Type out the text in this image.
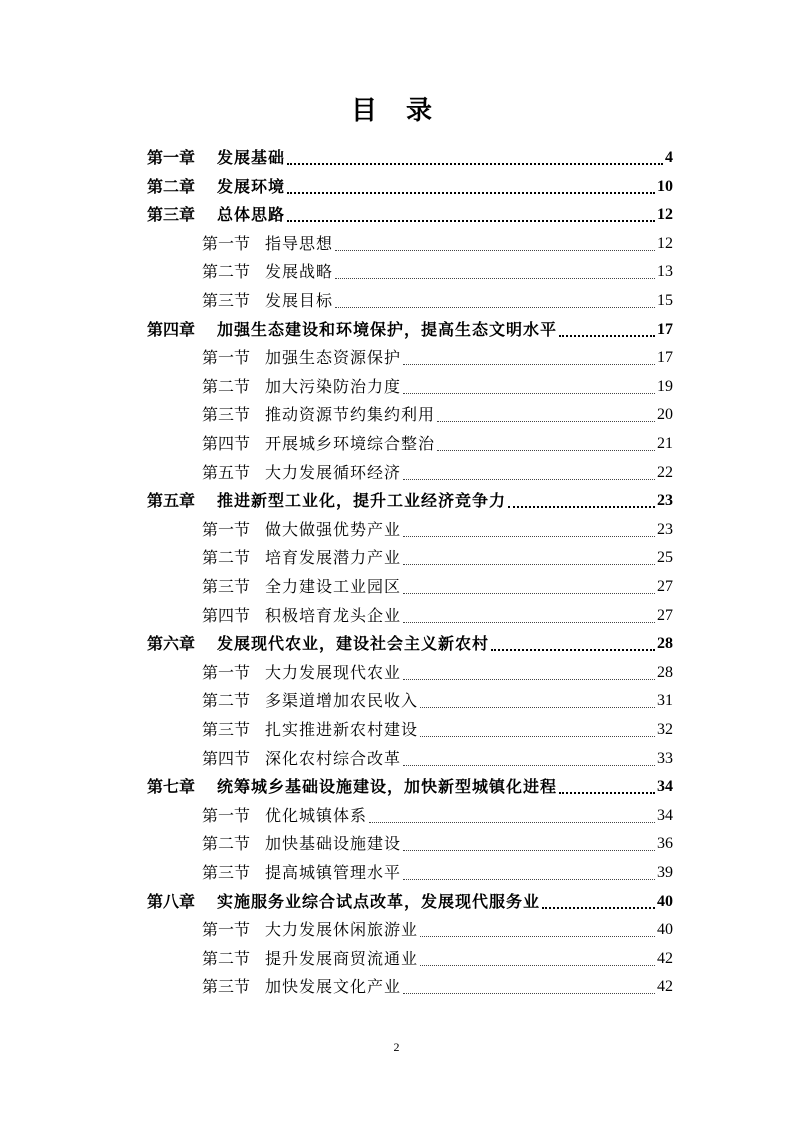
目 录
第一章	发展基础	4
第二章	发展环境	10
第三章	总体思路	12
第一节 指导思想	12
第二节 发展战略	13
第三节 发展目标	15
第四章	加强生态建设和环境保护，提高生态文明水平	17
第一节 加强生态资源保护	17
第二节 加大污染防治力度	19
第三节 推动资源节约集约利用	20
第四节 开展城乡环境综合整治	21
第五节 大力发展循环经济	22
第五章	推进新型工业化，提升工业经济竞争力	23
第一节 做大做强优势产业	23
第二节 培育发展潜力产业	25
第三节 全力建设工业园区	27
第四节 积极培育龙头企业	27
第六章	发展现代农业，建设社会主义新农村	28
第一节 大力发展现代农业	28
第二节 多渠道增加农民收入	31
第三节 扎实推进新农村建设	32
第四节 深化农村综合改革	33
第七章	统筹城乡基础设施建设，加快新型城镇化进程	34
第一节 优化城镇体系	34
第二节 加快基础设施建设	36
第三节 提高城镇管理水平	39
第八章	实施服务业综合试点改革，发展现代服务业	40
第一节 大力发展休闲旅游业	40
第二节 提升发展商贸流通业	42
第三节 加快发展文化产业	42
2
